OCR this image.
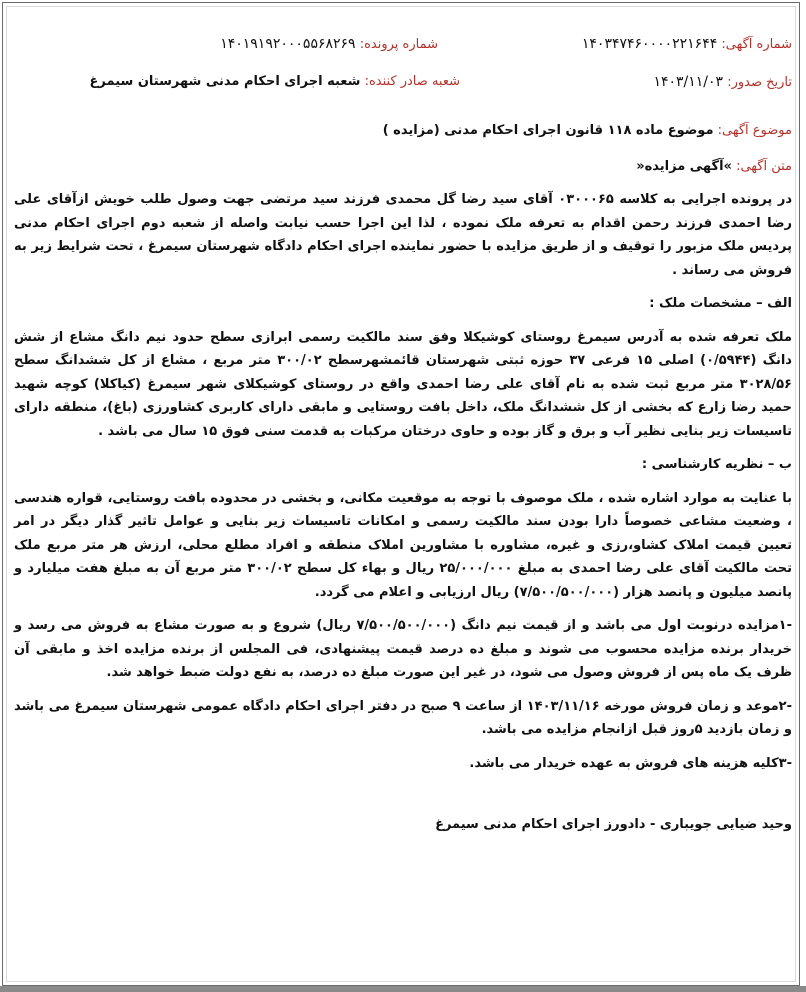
شماره آگهی: ۱۴۰۳۴۷۴۶۰۰۰۰۲۲۱۶۴۴
شماره پرونده: ۱۴۰۱۹۱۹۲۰۰۰۵۵۶۸۲۶۹
تاریخ صدور: ۱۴۰۳/۱۱/۰۳
شعبه صادر کننده: شعبه اجرای احکام مدنی شهرستان سیمرغ
موضوع آگهی: موضوع ماده ۱۱۸ قانون اجرای احکام مدنی (مزایده )
متن آگهی: »آگهی مزایده«

در پرونده اجرایی به کلاسه ۰۳۰۰۰۶۵ آقای سید رضا گل محمدی فرزند سید مرتضی جهت وصول طلب خویش ازآقای علی رضا احمدی فرزند رحمن اقدام به تعرفه ملک نموده ، لذا این اجرا حسب نیابت واصله از شعبه دوم اجرای احکام مدنی پردیس ملک مزبور را توقیف و از طریق مزایده با حضور نماینده اجرای احکام دادگاه شهرستان سیمرغ ، تحت شرایط زیر به فروش می رساند .

الف – مشخصات ملک :

ملک تعرفه شده به آدرس سیمرغ روستای کوشیکلا وفق سند مالکیت رسمی ابرازی سطح حدود نیم دانگ مشاع از شش دانگ (۰/۵۹۴۴) اصلی ۱۵ فرعی ۳۷ حوزه ثبتی شهرستان قائمشهرسطح ۳۰۰/۰۲ متر مربع ، مشاع از کل ششدانگ سطح ۳۰۲۸/۵۶ متر مربع ثبت شده به نام آقای علی رضا احمدی واقع در روستای کوشیکلای شهر سیمرغ (کیاکلا) کوچه شهید حمید رضا زارع که بخشی از کل ششدانگ ملک، داخل بافت روستایی و مابقی دارای کاربری کشاورزی (باغ)، منطقه دارای تاسیسات زیر بنایی نظیر آب و برق و گاز بوده و حاوی درختان مرکبات به قدمت سنی فوق ۱۵ سال می باشد .

ب – نظریه کارشناسی :

با عنایت به موارد اشاره شده ، ملک موصوف با توجه به موقعیت مکانی، و بخشی در محدوده بافت روستایی، قواره هندسی ، وضعیت مشاعی خصوصاً دارا بودن سند مالکیت رسمی و امکانات تاسیسات زیر بنایی و عوامل تاثیر گذار دیگر در امر تعیین قیمت املاک کشاو،رزی و غیره، مشاوره با مشاورین املاک منطقه و افراد مطلع محلی، ارزش هر متر مربع ملک تحت مالکیت آقای علی رضا احمدی به مبلغ ۲۵/۰۰۰/۰۰۰ ریال و بهاء کل سطح ۳۰۰/۰۲ متر مربع آن به مبلغ هفت میلیارد و پانصد میلیون و پانصد هزار (۷/۵۰۰/۵۰۰/۰۰۰) ریال ارزیابی و اعلام می گردد.

-۱مزایده درنوبت اول می باشد و از قیمت نیم دانگ (۷/۵۰۰/۵۰۰/۰۰۰ ریال) شروع و به صورت مشاع به فروش می رسد و خریدار برنده مزایده محسوب می شوند و مبلغ ده درصد قیمت پیشنهادی، فی المجلس از برنده مزایده اخذ و مابقی آن ظرف یک ماه پس از فروش وصول می شود، در غیر این صورت مبلغ ده درصد، به نفع دولت ضبط خواهد شد.

-۲موعد و زمان فروش مورخه ۱۴۰۳/۱۱/۱۶ از ساعت ۹ صبح در دفتر اجرای احکام دادگاه عمومی شهرستان سیمرغ می باشد و زمان بازدید ۵روز قبل ازانجام مزایده می باشد.

-۳کلیه هزینه های فروش به عهده خریدار می باشد.

وحید ضیایی جویباری - دادورز اجرای احکام مدنی سیمرغ
